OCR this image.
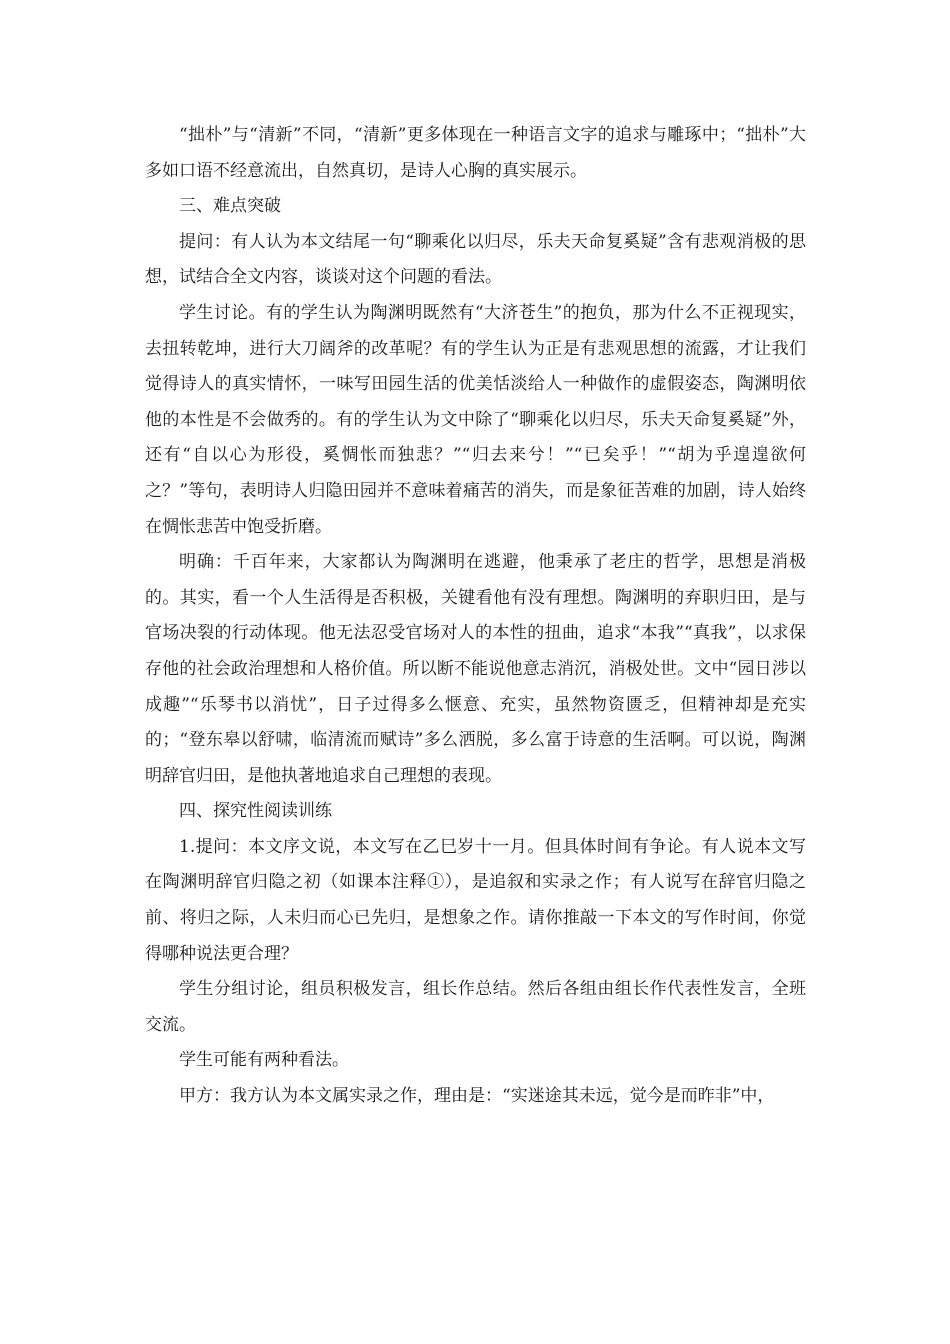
“拙朴”与“清新”不同，“清新”更多体现在一种语言文字的追求与雕琢中；“拙朴”大多如口语不经意流出，自然真切，是诗人心胸的真实展示。

三、难点突破

提问：有人认为本文结尾一句“聊乘化以归尽，乐夫天命复奚疑”含有悲观消极的思想，试结合全文内容，谈谈对这个问题的看法。

学生讨论。有的学生认为陶渊明既然有“大济苍生”的抱负，那为什么不正视现实，去扭转乾坤，进行大刀阔斧的改革呢？有的学生认为正是有悲观思想的流露，才让我们觉得诗人的真实情怀，一味写田园生活的优美恬淡给人一种做作的虚假姿态，陶渊明依他的本性是不会做秀的。有的学生认为文中除了“聊乘化以归尽，乐夫天命复奚疑”外，还有“自以心为形役，奚惆怅而独悲？”“归去来兮！”“已矣乎！”“胡为乎遑遑欲何之？”等句，表明诗人归隐田园并不意味着痛苦的消失，而是象征苦难的加剧，诗人始终在惆怅悲苦中饱受折磨。

明确：千百年来，大家都认为陶渊明在逃避，他秉承了老庄的哲学，思想是消极的。其实，看一个人生活得是否积极，关键看他有没有理想。陶渊明的弃职归田，是与官场决裂的行动体现。他无法忍受官场对人的本性的扭曲，追求“本我”“真我”，以求保存他的社会政治理想和人格价值。所以断不能说他意志消沉，消极处世。文中“园日涉以成趣”“乐琴书以消忧”，日子过得多么惬意、充实，虽然物资匮乏，但精神却是充实的；“登东皋以舒啸，临清流而赋诗”多么洒脱，多么富于诗意的生活啊。可以说，陶渊明辞官归田，是他执著地追求自己理想的表现。

四、探究性阅读训练

1.提问：本文序文说，本文写在乙巳岁十一月。但具体时间有争论。有人说本文写在陶渊明辞官归隐之初（如课本注释①），是追叙和实录之作；有人说写在辞官归隐之前、将归之际，人未归而心已先归，是想象之作。请你推敲一下本文的写作时间，你觉得哪种说法更合理？

学生分组讨论，组员积极发言，组长作总结。然后各组由组长作代表性发言，全班交流。

学生可能有两种看法。

甲方：我方认为本文属实录之作，理由是：“实迷途其未远，觉今是而昨非”中，
